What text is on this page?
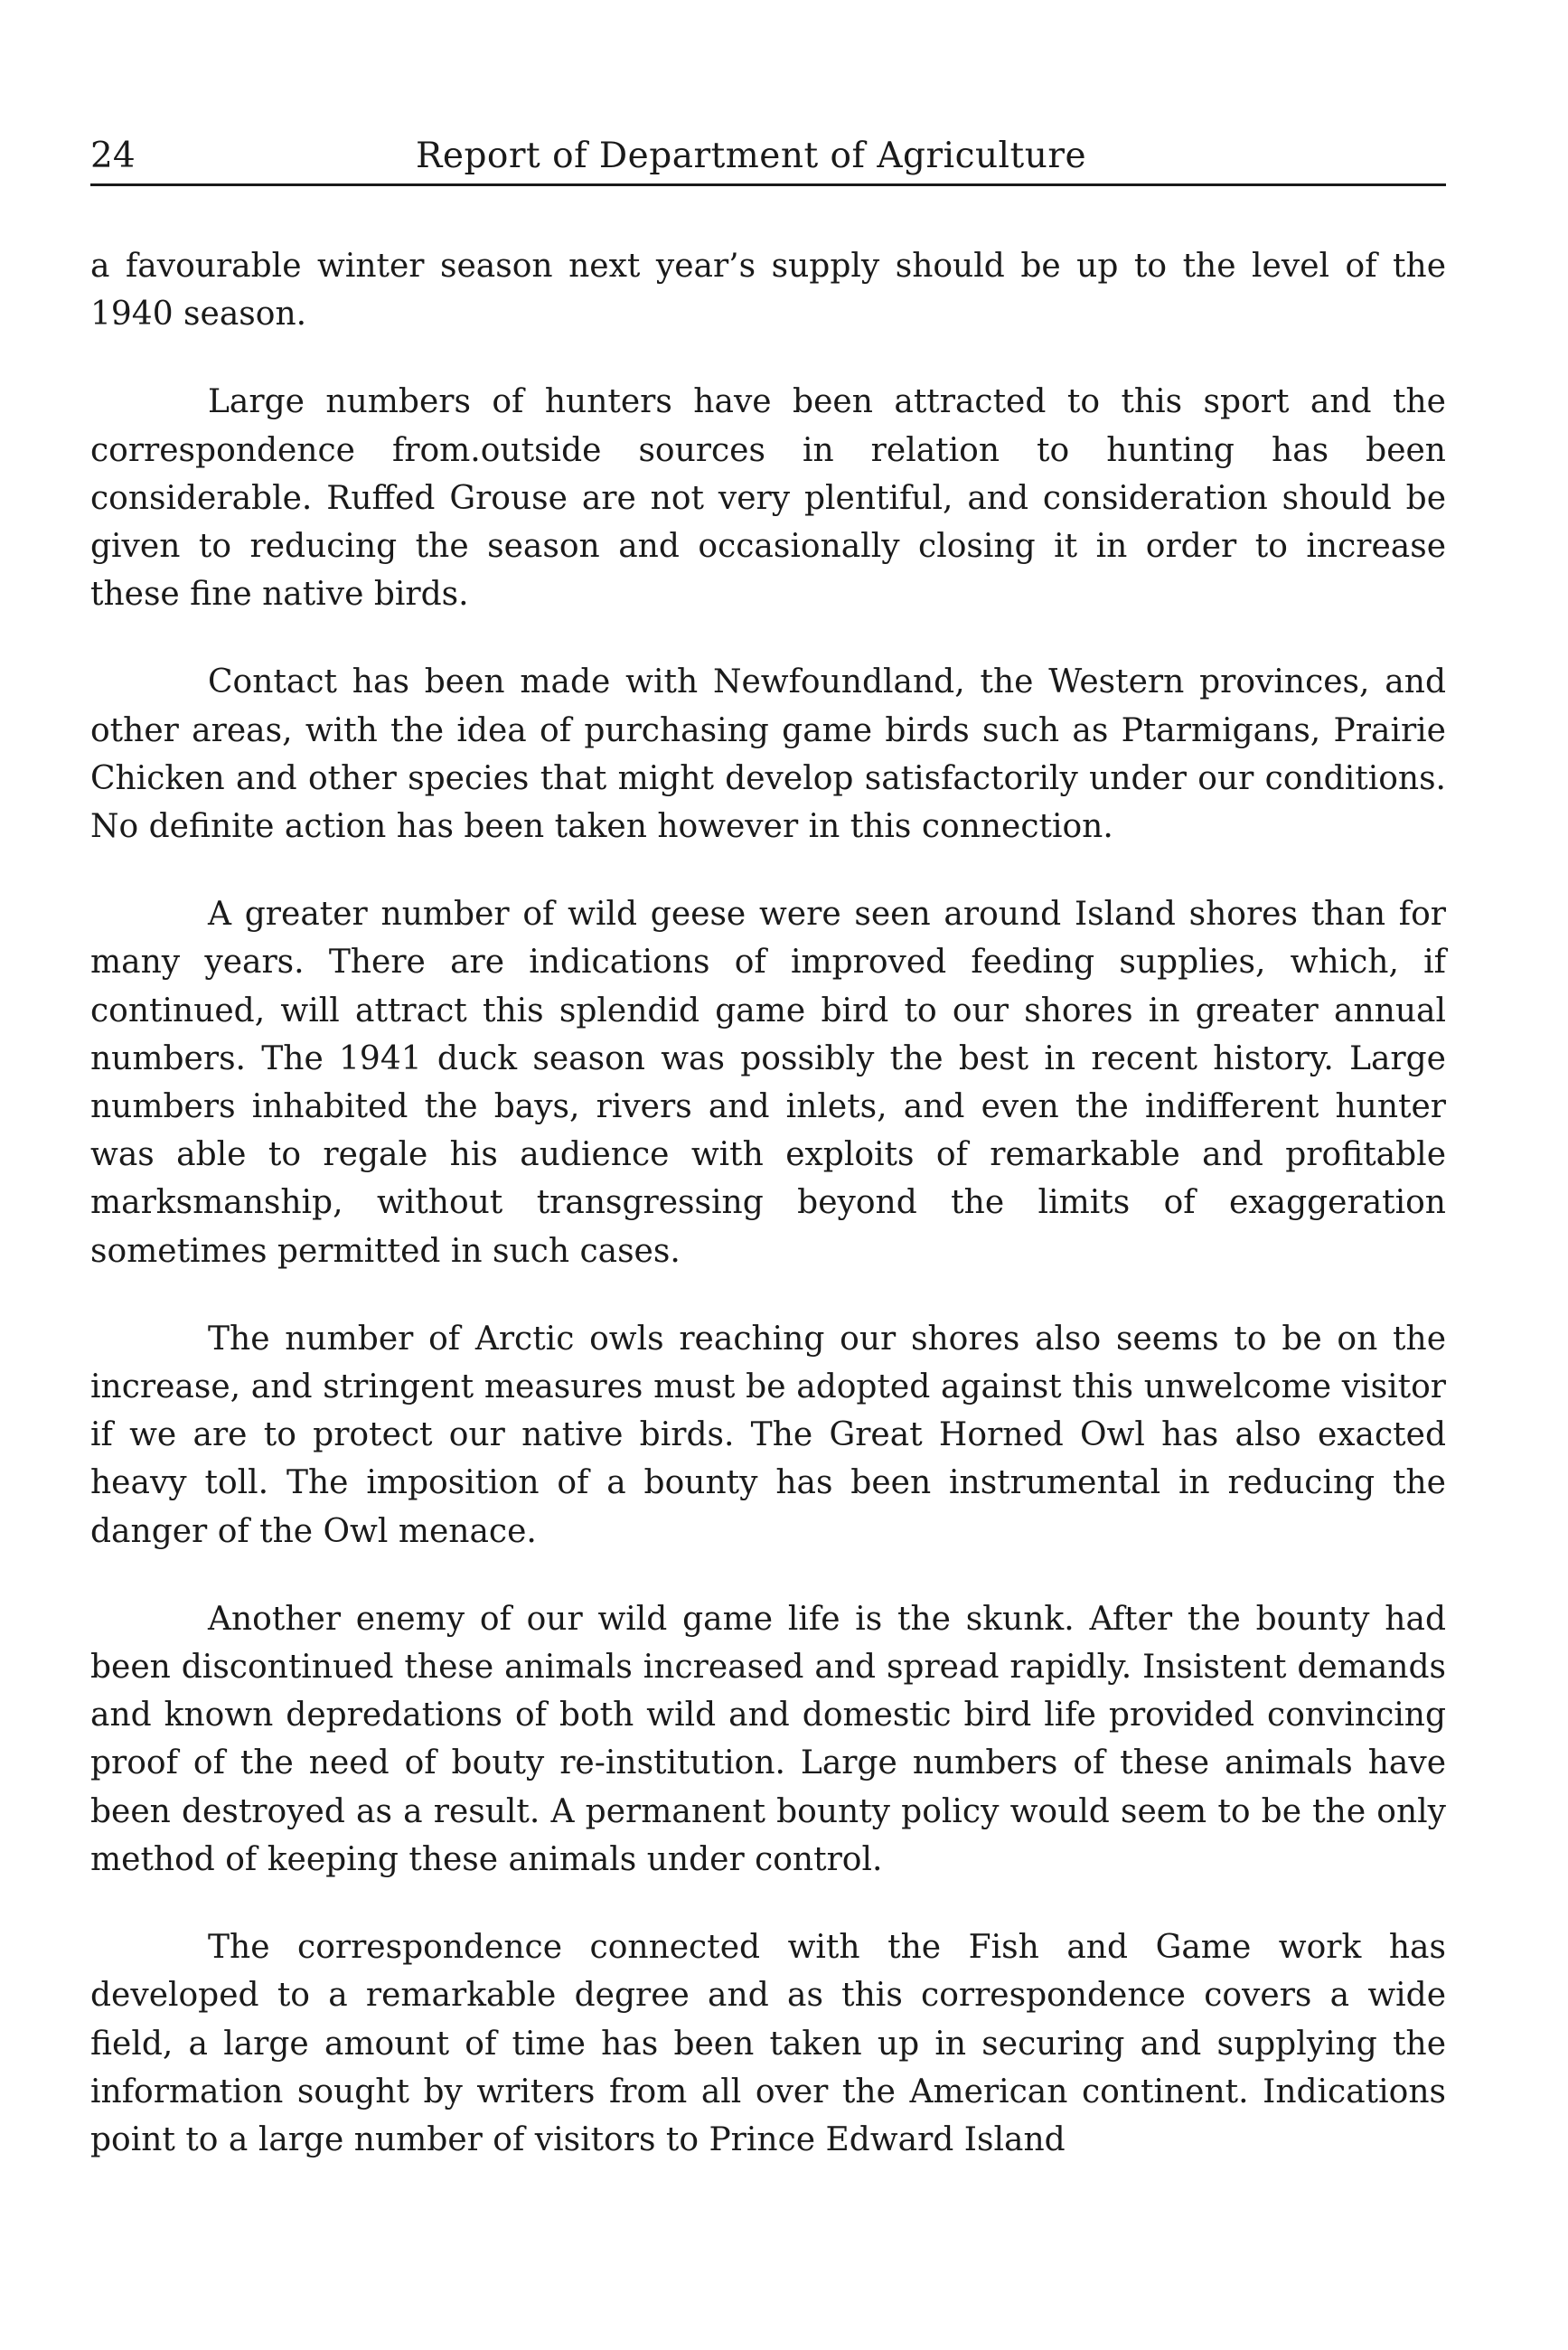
24	Report of Department of Agriculture

a favourable winter season next year’s supply should be up to the level of the 1940 season.

Large numbers of hunters have been attracted to this sport and the correspondence from.outside sources in relation to hunting has been considerable. Ruffed Grouse are not very plentiful, and consideration should be given to reducing the season and occasionally closing it in order to increase these fine native birds.

Contact has been made with Newfoundland, the Western provinces, and other areas, with the idea of purchasing game birds such as Ptarmigans, Prairie Chicken and other species that might develop satisfactorily under our conditions. No definite action has been taken however in this connection.

A greater number of wild geese were seen around Island shores than for many years. There are indications of improved feeding supplies, which, if continued, will attract this splendid game bird to our shores in greater annual numbers. The 1941 duck season was possibly the best in recent history. Large numbers inhabited the bays, rivers and inlets, and even the indifferent hunter was able to regale his audience with exploits of remarkable and profitable marksmanship, without transgressing beyond the limits of exaggeration sometimes permitted in such cases.

The number of Arctic owls reaching our shores also seems to be on the increase, and stringent measures must be adopted against this unwelcome visitor if we are to protect our native birds. The Great Horned Owl has also exacted heavy toll. The imposition of a bounty has been instrumental in reducing the danger of the Owl menace.

Another enemy of our wild game life is the skunk. After the bounty had been discontinued these animals increased and spread rapidly. Insistent demands and known depredations of both wild and domestic bird life provided convincing proof of the need of bouty re-institution. Large numbers of these animals have been destroyed as a result. A permanent bounty policy would seem to be the only method of keeping these animals under control.

The correspondence connected with the Fish and Game work has developed to a remarkable degree and as this correspondence covers a wide field, a large amount of time has been taken up in securing and supplying the information sought by writers from all over the American continent. Indications point to a large number of visitors to Prince Edward Island
